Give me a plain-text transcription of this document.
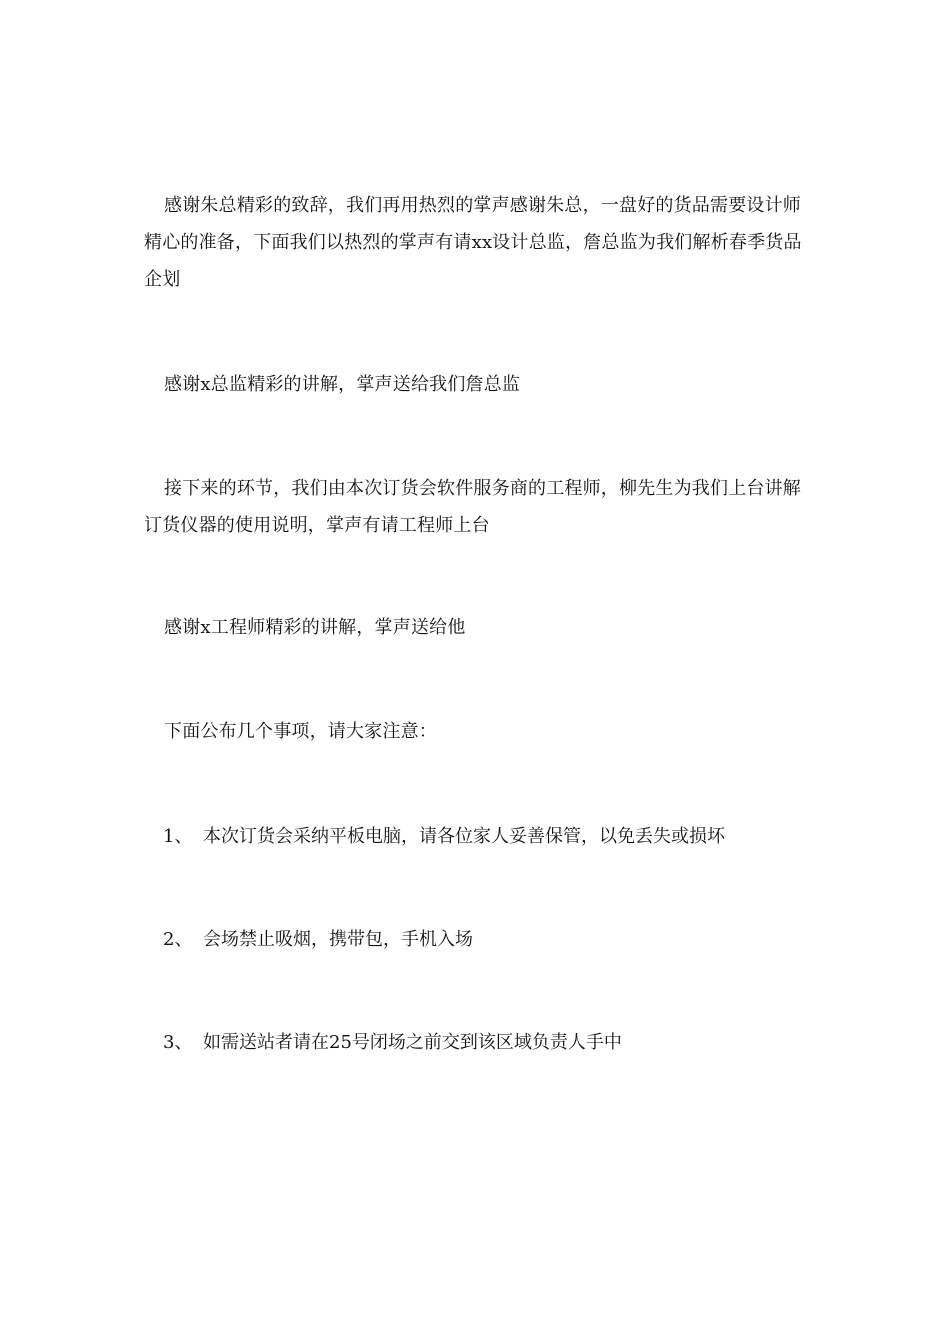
感谢朱总精彩的致辞，我们再用热烈的掌声感谢朱总，一盘好的货品需要设计师精心的准备，下面我们以热烈的掌声有请xx设计总监，詹总监为我们解析春季货品企划

感谢x总监精彩的讲解，掌声送给我们詹总监

接下来的环节，我们由本次订货会软件服务商的工程师，柳先生为我们上台讲解订货仪器的使用说明，掌声有请工程师上台

感谢x工程师精彩的讲解，掌声送给他

下面公布几个事项，请大家注意：

1、 本次订货会采纳平板电脑，请各位家人妥善保管，以免丢失或损坏

2、 会场禁止吸烟，携带包，手机入场

3、 如需送站者请在25号闭场之前交到该区域负责人手中
